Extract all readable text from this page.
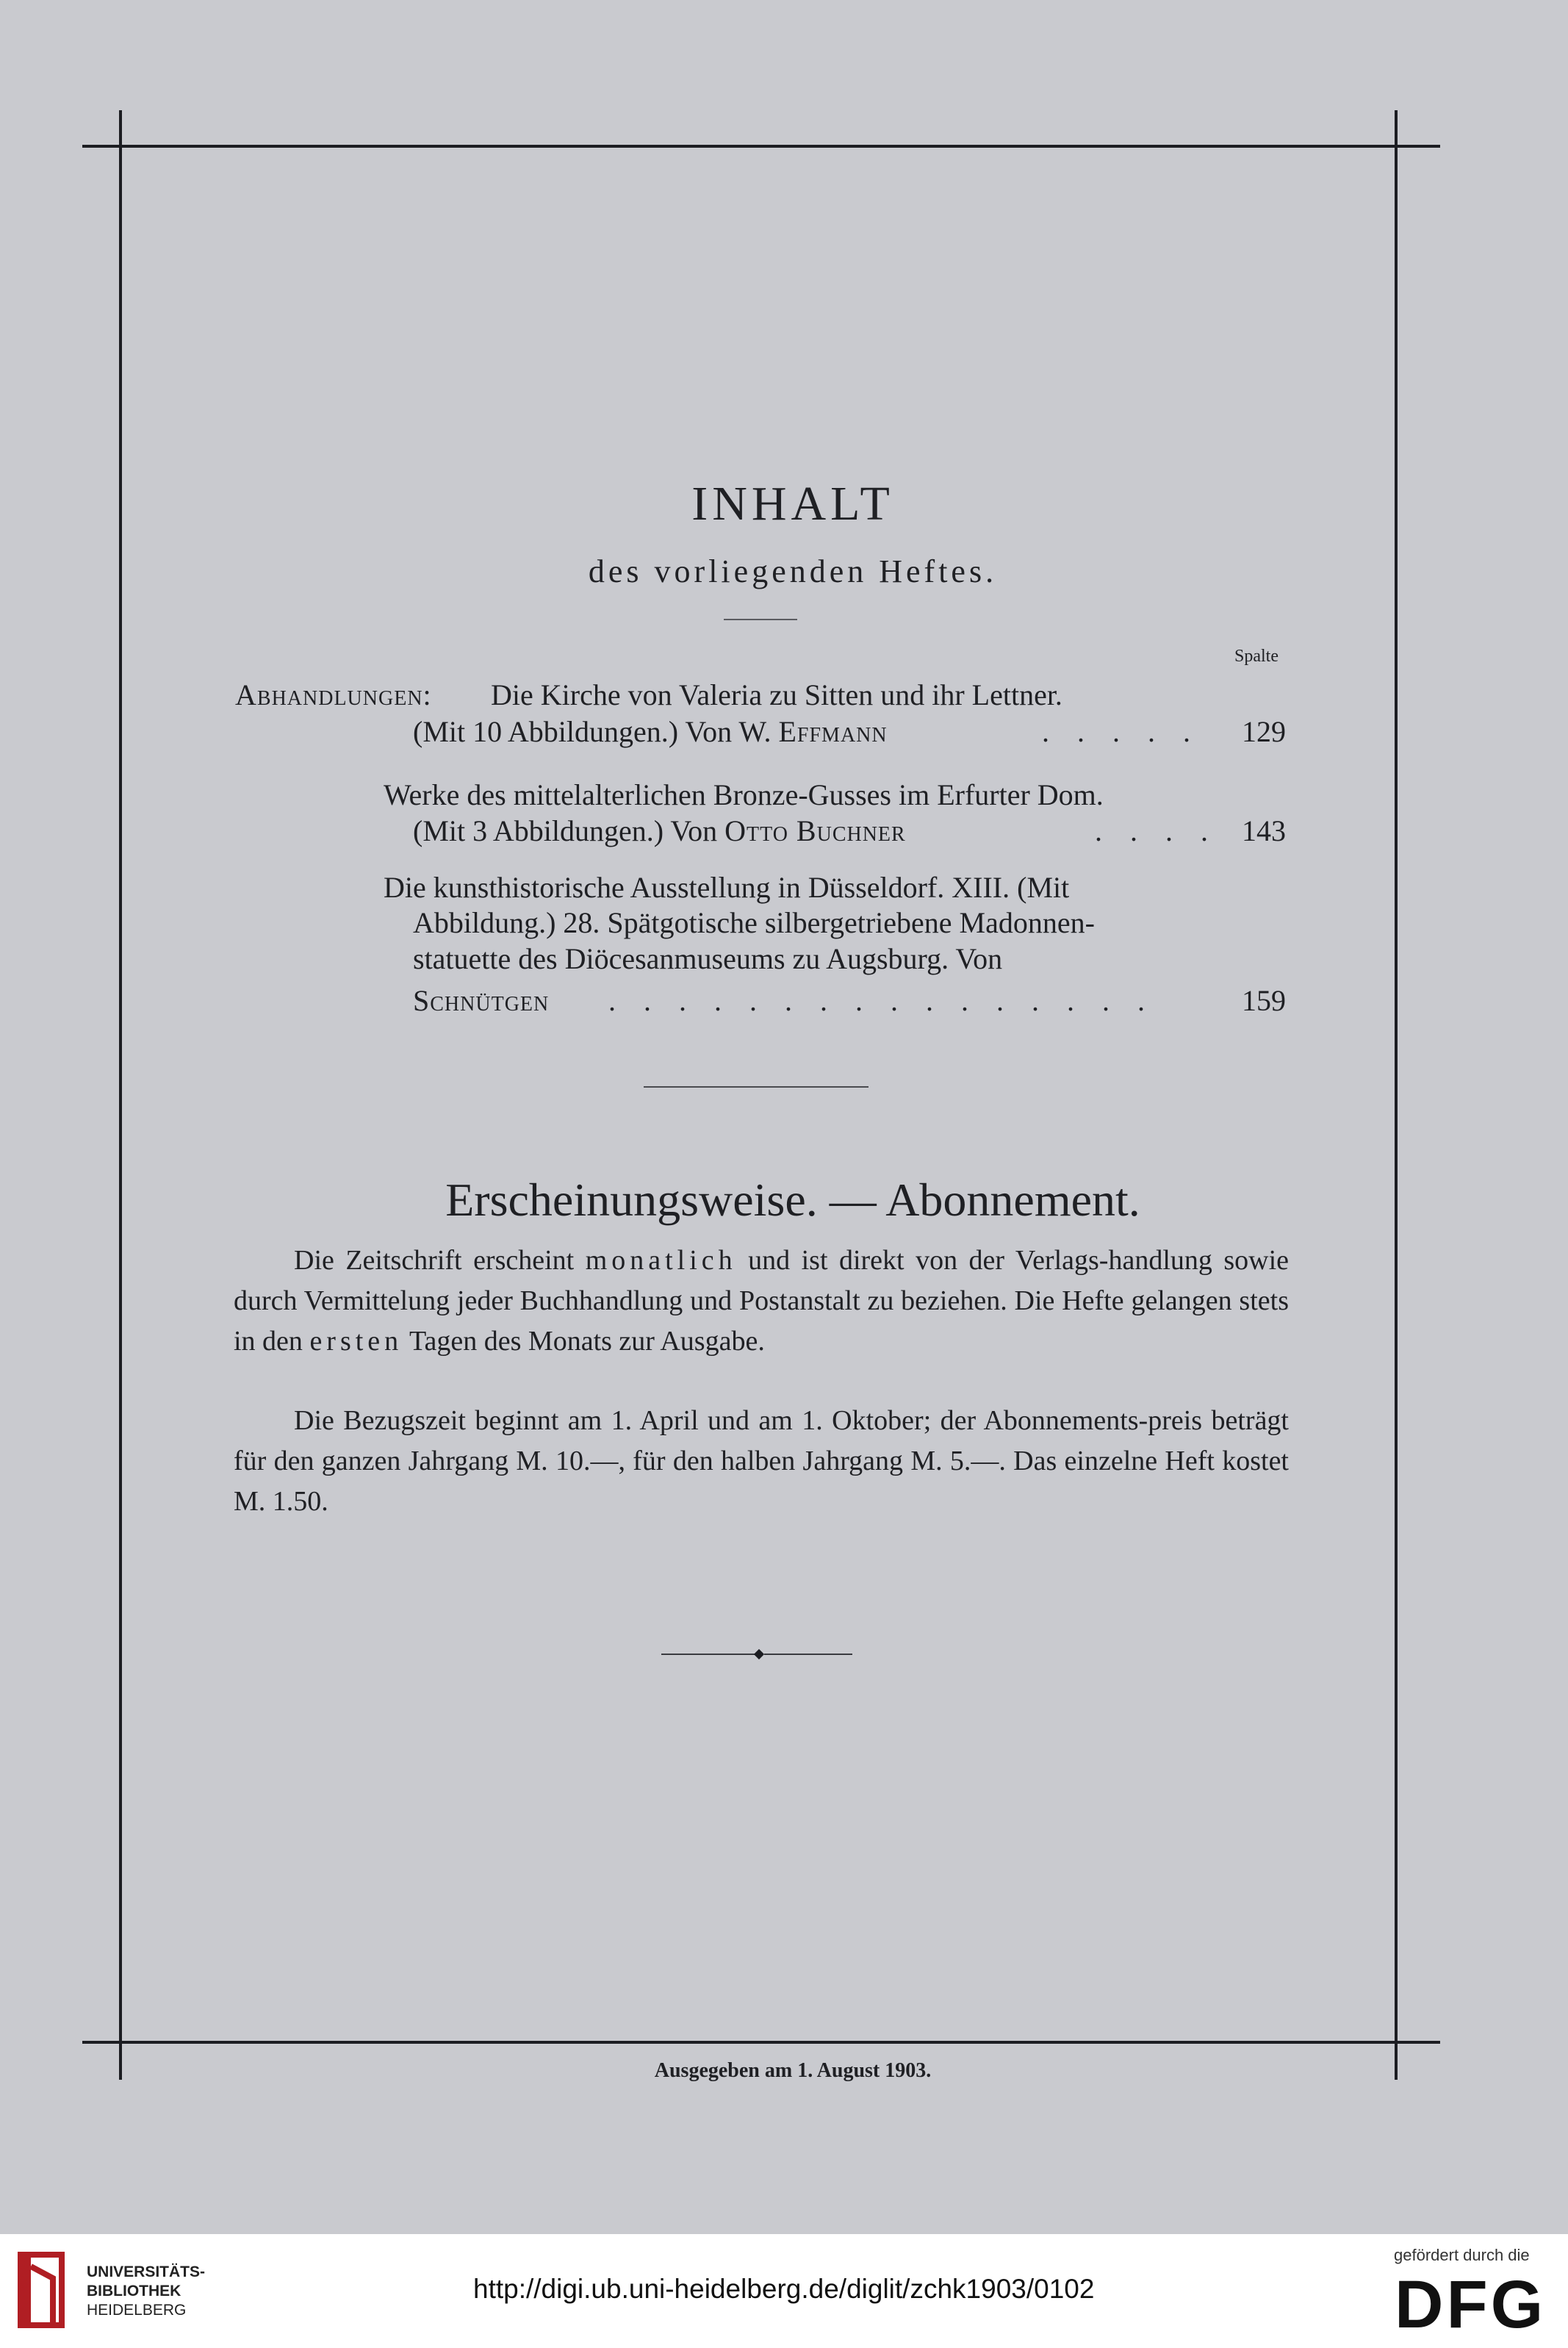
INHALT
des vorliegenden Heftes.
Spalte
Abhandlungen: Die Kirche von Valeria zu Sitten und ihr Lettner.
(Mit 10 Abbildungen.) Von W. Effmann	. . . . . 129
Werke des mittelalterlichen Bronze-Gusses im Erfurter Dom.
(Mit 3 Abbildungen.) Von Otto Buchner	. . . . 143
Die kunsthistorische Ausstellung in Düsseldorf. XIII. (Mit
Abbildung.) 28. Spätgotische silbergetriebene Madonnen-
statuette des Diöcesanmuseums zu Augsburg. Von
Schnütgen . . . . . . . . . . . . . . . .	159
Erscheinungsweise. — Abonnement.
Die Zeitschrift erscheint monatlich und ist direkt von der Verlags-handlung sowie durch Vermittelung jeder Buchhandlung und Postanstalt zu beziehen. Die Hefte gelangen stets in den ersten Tagen des Monats zur Ausgabe.
Die Bezugszeit beginnt am 1. April und am 1. Oktober; der Abonnements-preis beträgt für den ganzen Jahrgang M. 10.—, für den halben Jahrgang M. 5.—. Das einzelne Heft kostet M. 1.50.
Ausgegeben am 1. August 1903.
UNIVERSITÄTS-
BIBLIOTHEK
HEIDELBERG
http://digi.ub.uni-heidelberg.de/diglit/zchk1903/0102
gefördert durch die
DFG
